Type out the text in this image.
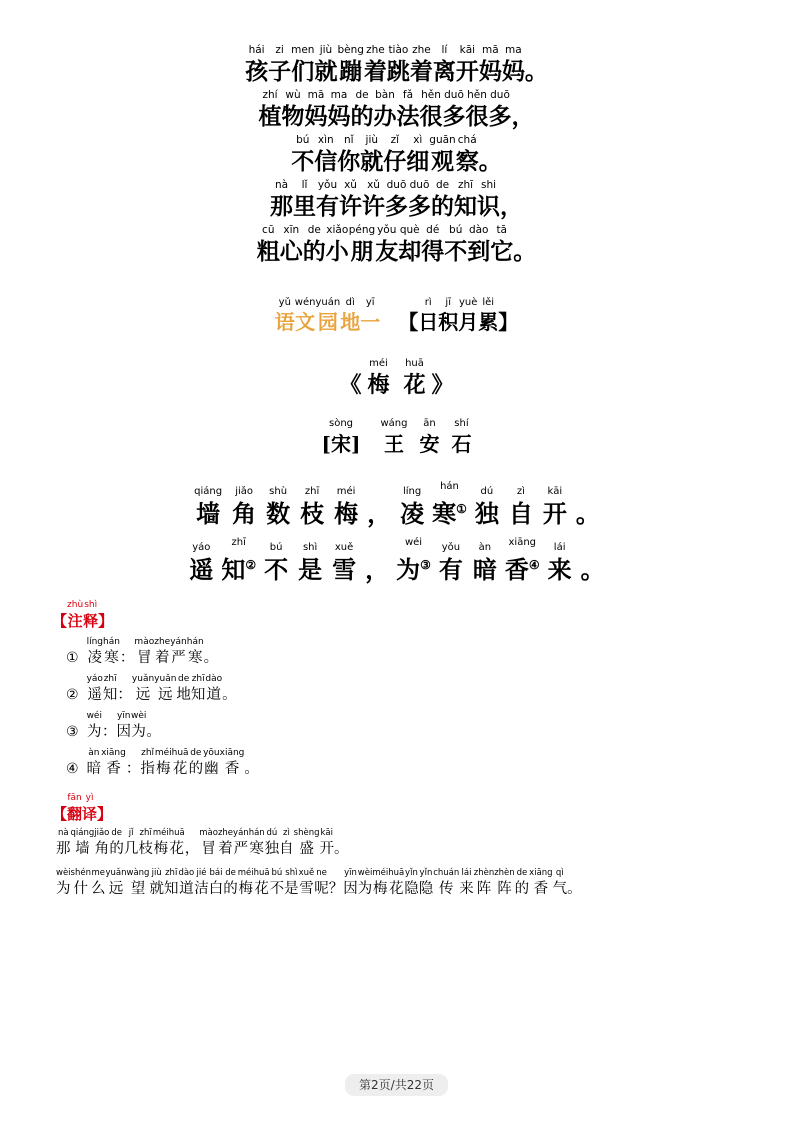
hái
孩
zi
子
men
们
jiù
就
bèng
蹦
zhe
着
tiào
跳
zhe
着
lí
离
kāi
开
mā
妈
ma
妈 。
zhí
植
wù
物
mā
妈
ma
妈
de
的
bàn
办
fǎ
法
hěn
很
duō
多
hěn
很
duō
多 ，
bú
不
xìn
信
nǐ
你
jiù
就
zǐ
仔
xì
细
guān
观
chá
察 。
nà
那
lǐ
里
yǒu
有
xǔ
许
xǔ
许
duō
多
duō
多
de
的
zhī
知
shi
识 ，
cū
粗
xīn
心
de
的
xiǎo
小
péng
朋
yǒu
友
què
却
dé
得
bú
不
dào
到
tā
它 。
yǔ
语
wén
文
yuán
园
dì
地
yī
一 【
rì
日
jī
积
yuè
月
lěi
累 】
《
méi
梅
huā
花 》
sòng
[宋]
wáng
王
ān
安
shí
石
qiáng
墙
jiǎo
角
shù
数
zhī
枝
méi
梅 ，
líng
凌
hán
寒①
dú
独
zì
自
kāi
开 。
yáo
遥
zhī
知②
bú
不
shì
是
xuě
雪 ，
wéi
为③
yǒu
有
àn
暗
xiāng
香④
lái
来 。
【
zhù
注
shì
释 】
①
líng
凌
hán
寒 ：
mào
冒
zhe
着
yán
严
hán
寒 。
②
yáo
遥
zhī
知 ：
yuǎn
远
yuǎn
远
de
地
zhī
知
dào
道 。
③
wéi
为 ：
yīn
因
wèi
为 。
④
àn
暗
xiāng
香 ：
zhǐ
指
méi
梅
huā
花
de
的
yōu
幽
xiāng
香 。
【
fān
翻
yì
译 】
nà
那
qiáng
墙
jiǎo
角
de
的
jǐ
几
zhī
枝
méi
梅
huā
花 ，
mào
冒
zhe
着
yán
严
hán
寒
dú
独
zì
自
shèng
盛
kāi
开 。
wèi
为
shén
什
me
么
yuǎn
远
wàng
望
jiù
就
zhī
知
dào
道
jié
洁
bái
白
de
的
méi
梅
huā
花
bú
不
shì
是
xuě
雪
ne
呢 ？
yīn
因
wèi
为
méi
梅
huā
花
yǐn
隐
yǐn
隐
chuán
传
lái
来
zhèn
阵
zhèn
阵
de
的
xiāng
香
qì
气 。
第2页/共22页
